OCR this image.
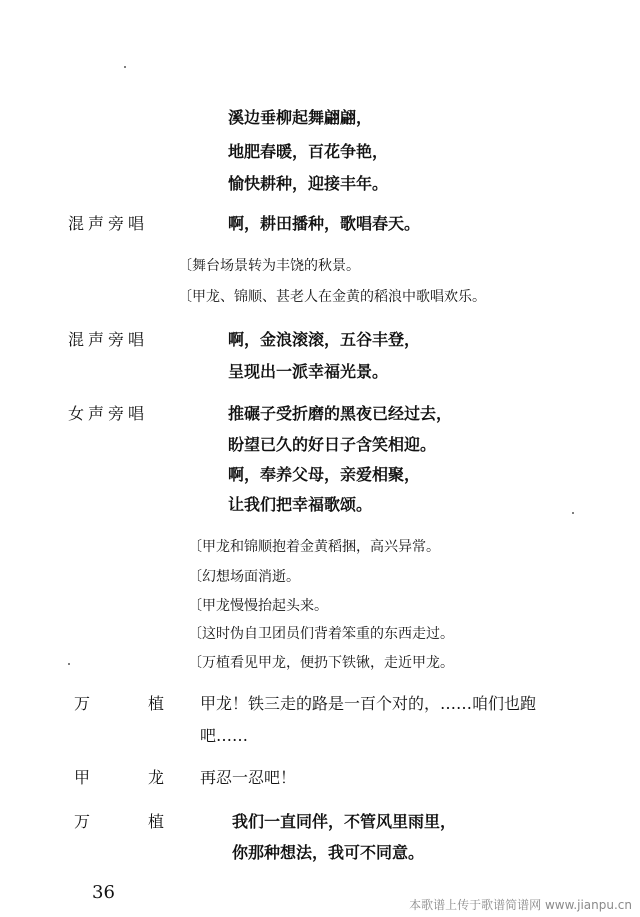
溪边垂柳起舞翩翩，
地肥春暖，百花争艳，
愉快耕种，迎接丰年。
混声旁唱	啊，耕田播种，歌唱春天。
〔舞台场景转为丰饶的秋景。
〔甲龙、锦顺、甚老人在金黄的稻浪中歌唱欢乐。
混声旁唱	啊，金浪滚滚，五谷丰登，
呈现出一派幸福光景。
女声旁唱	推碾子受折磨的黑夜已经过去，
盼望已久的好日子含笑相迎。
啊，奉养父母，亲爱相聚，
让我们把幸福歌颂。
〔甲龙和锦顺抱着金黄稻捆，高兴异常。
〔幻想场面消逝。
〔甲龙慢慢抬起头来。
〔这时伪自卫团员们背着笨重的东西走过。
〔万植看见甲龙，便扔下铁锹，走近甲龙。
万	植 甲龙！铁三走的路是一百个对的，……咱们也跑
吧……
甲	龙 再忍一忍吧！
万	植	我们一直同伴，不管风里雨里，
你那种想法，我可不同意。
36
本歌谱上传于歌谱简谱网 www.jianpu.cn
